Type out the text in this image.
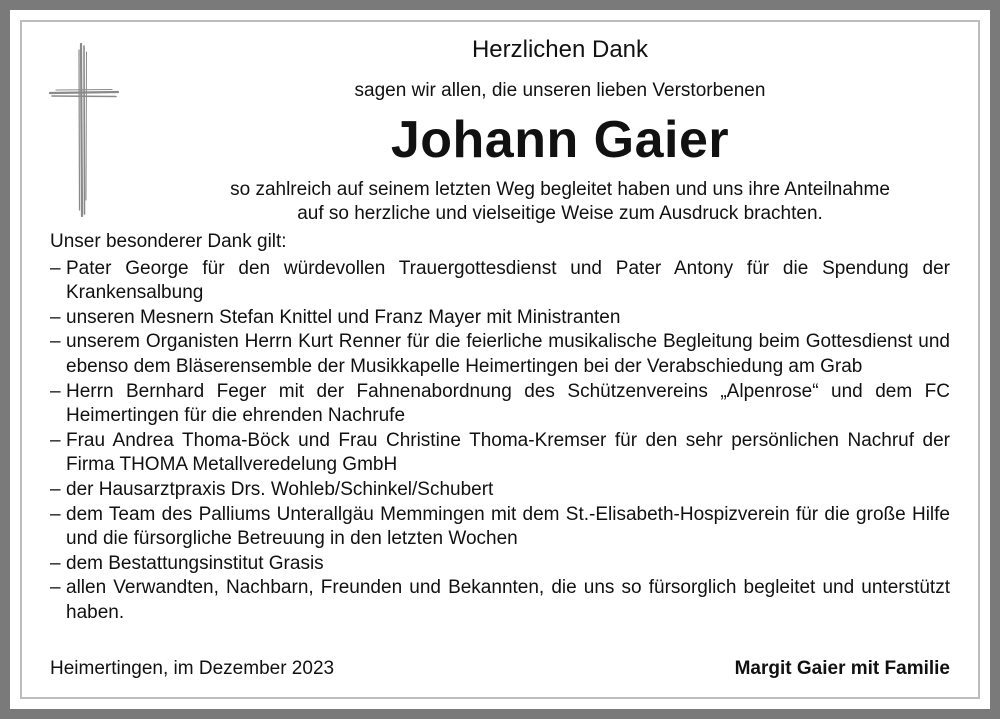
Herzlichen Dank
sagen wir allen, die unseren lieben Verstorbenen
Johann Gaier
so zahlreich auf seinem letzten Weg begleitet haben und uns ihre Anteilnahme
auf so herzliche und vielseitige Weise zum Ausdruck brachten.

Unser besonderer Dank gilt:

– Pater George für den würdevollen Trauergottesdienst und Pater Antony für die Spendung der Krankensalbung
– unseren Mesnern Stefan Knittel und Franz Mayer mit Ministranten
– unserem Organisten Herrn Kurt Renner für die feierliche musikalische Begleitung beim Gottesdienst und ebenso dem Bläserensemble der Musikkapelle Heimertingen bei der Verabschiedung am Grab
– Herrn Bernhard Feger mit der Fahnenabordnung des Schützenvereins „Alpenrose“ und dem FC Heimertingen für die ehrenden Nachrufe
– Frau Andrea Thoma-Böck und Frau Christine Thoma-Kremser für den sehr persönlichen Nachruf der Firma THOMA Metallveredelung GmbH
– der Hausarztpraxis Drs. Wohleb/Schinkel/Schubert
– dem Team des Palliums Unterallgäu Memmingen mit dem St.-Elisabeth-Hospizverein für die große Hilfe und die fürsorgliche Betreuung in den letzten Wochen
– dem Bestattungsinstitut Grasis
– allen Verwandten, Nachbarn, Freunden und Bekannten, die uns so fürsorglich begleitet und unterstützt haben.
Heimertingen, im Dezember 2023	Margit Gaier mit Familie
